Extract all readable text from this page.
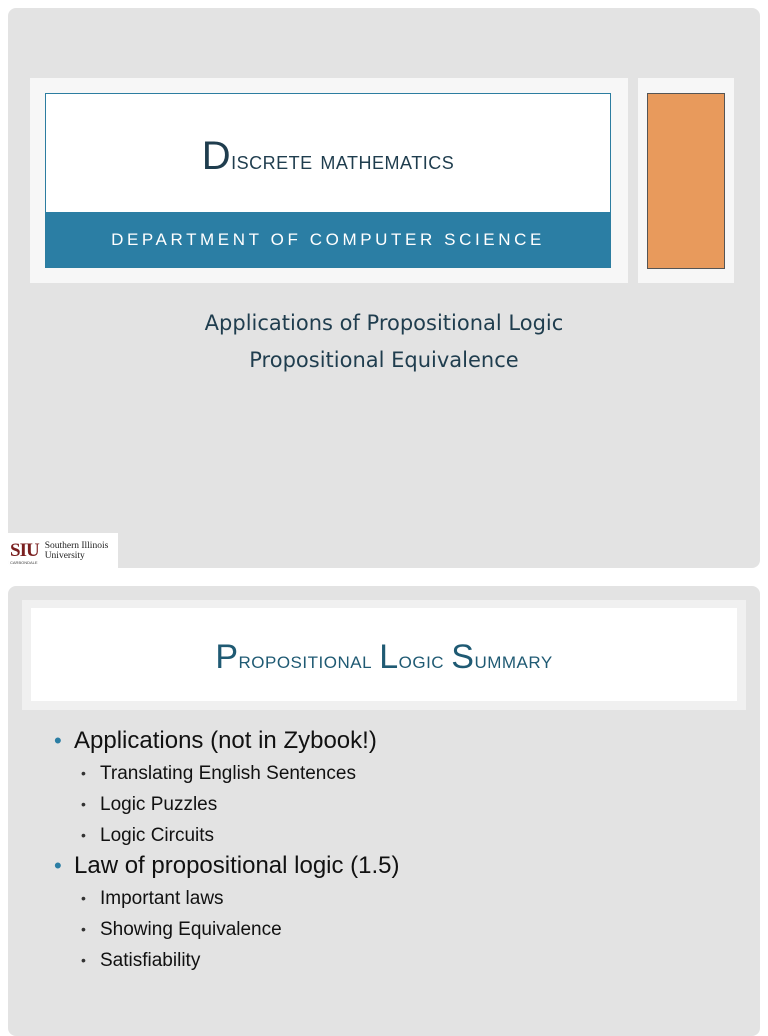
Discrete mathematics
DEPARTMENT OF COMPUTER SCIENCE
Applications of Propositional Logic
Propositional Equivalence
SIU
CARBONDALE
Southern Illinois
University
Propositional Logic Summary
• Applications (not in Zybook!)
• Translating English Sentences
• Logic Puzzles
• Logic Circuits
• Law of propositional logic (1.5)
• Important laws
• Showing Equivalence
• Satisfiability
